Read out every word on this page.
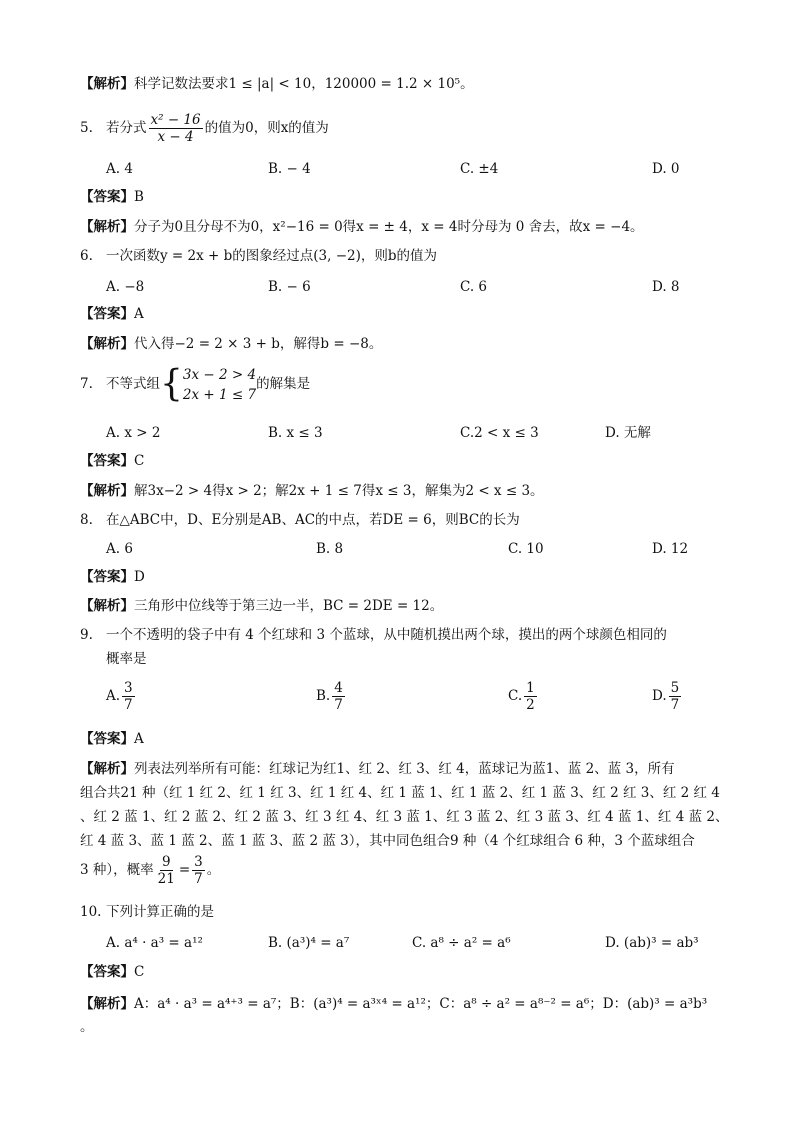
【解析】科学记数法要求1 ≤ |a| < 10，120000 = 1.2 × 10⁵。
5. 若分式 $\frac{\text{x² − 16}}{x - 4}$ 的值为0，则x的值为
A. 4	B. − 4	C. ±4	D. 0
【答案】B
【解析】分子为0且分母不为0，x²−16 = 0得x = ± 4，x = 4时分母为 0 舍去，故x = −4。
6. 一次函数y = 2x + b的图象经过点(3, −2)，则b的值为
A. −8	B. − 6	C. 6	D. 8
【答案】A
【解析】代入得−2 = 2 × 3 + b，解得b = −8。
7. 不等式组{ 3x − 2 > 4
2x + 1 ≤ 7
的解集是
A. x > 2	B. x ≤ 3	C.2 < x ≤ 3	D. 无解
【答案】C
【解析】解3x−2 > 4得x > 2；解2x + 1 ≤ 7得x ≤ 3，解集为2 < x ≤ 3。
8. 在△ABC中，D、E分别是AB、AC的中点，若DE = 6，则BC的长为
A. 6	B. 8	C. 10	D. 12
【答案】D
【解析】三角形中位线等于第三边一半，BC = 2DE = 12。
9. 一个不透明的袋子中有 4 个红球和 3 个蓝球，从中随机摸出两个球，摸出的两个球颜色相同的
概率是
A. $\frac{3}{7}$	B. $\frac{4}{7}$	C. $\frac{1}{2}$	D. $\frac{5}{7}$
【答案】A
【解析】列表法列举所有可能：红球记为红1、红 2、红 3、红 4，蓝球记为蓝1、蓝 2、蓝 3，所有
组合共21 种（红 1 红 2、红 1 红 3、红 1 红 4、红 1 蓝 1、红 1 蓝 2、红 1 蓝 3、红 2 红 3、红 2 红 4
、红 2 蓝 1、红 2 蓝 2、红 2 蓝 3、红 3 红 4、红 3 蓝 1、红 3 蓝 2、红 3 蓝 3、红 4 蓝 1、红 4 蓝 2、
红 4 蓝 3、蓝 1 蓝 2、蓝 1 蓝 3、蓝 2 蓝 3），其中同色组合9 种（4 个红球组合 6 种，3 个蓝球组合
3 种），概率 $\frac{9}{21} = \frac{3}{7}$ 。
10. 下列计算正确的是
A. a⁴ · a³ = a¹²	B. (a³)⁴ = a⁷	C. a⁸ ÷ a² = a⁶	D. (ab)³ = ab³
【答案】C
【解析】A：a⁴ · a³ = a⁴⁺³ = a⁷；B：(a³)⁴ = a³ˣ⁴ = a¹²；C：a⁸ ÷ a² = a⁸⁻² = a⁶；D：(ab)³ = a³b³
。
